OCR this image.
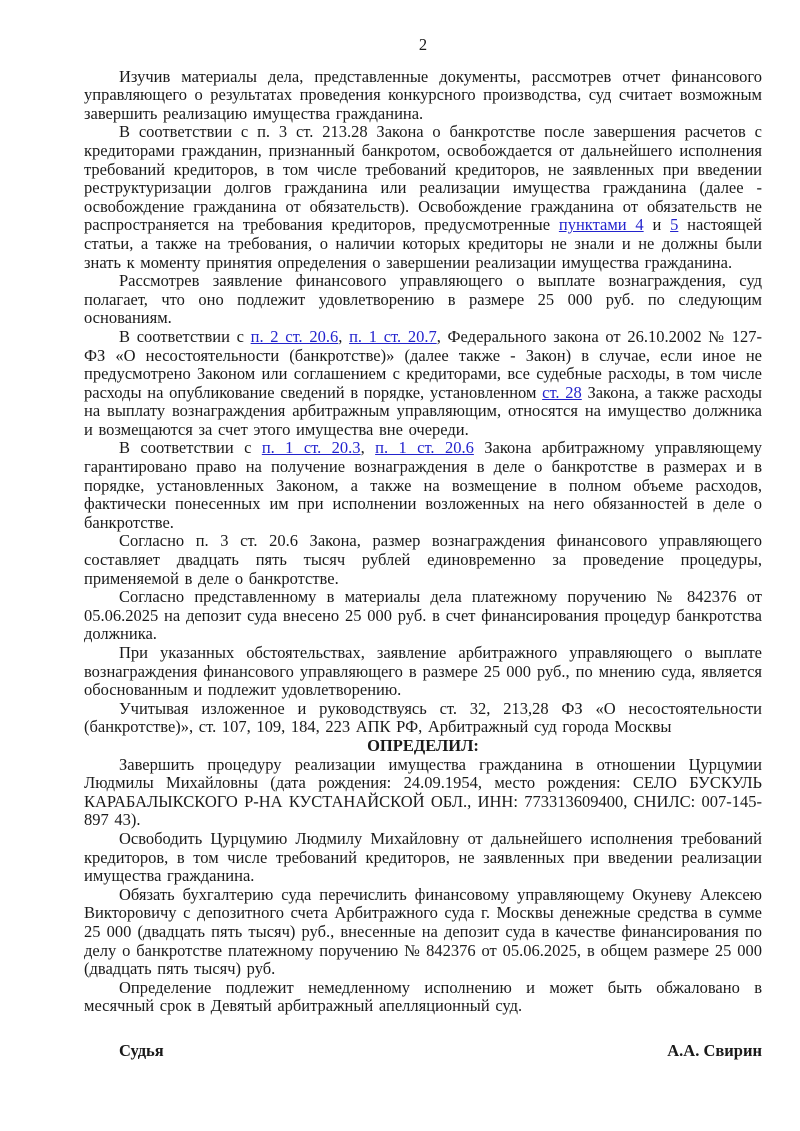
2

Изучив материалы дела, представленные документы, рассмотрев отчет финансового управляющего о результатах проведения конкурсного производства, суд считает возможным завершить реализацию имущества гражданина.

В соответствии с п. 3 ст. 213.28 Закона о банкротстве после завершения расчетов с кредиторами гражданин, признанный банкротом, освобождается от дальнейшего исполнения требований кредиторов, в том числе требований кредиторов, не заявленных при введении реструктуризации долгов гражданина или реализации имущества гражданина (далее - освобождение гражданина от обязательств). Освобождение гражданина от обязательств не распространяется на требования кредиторов, предусмотренные пунктами 4 и 5 настоящей статьи, а также на требования, о наличии которых кредиторы не знали и не должны были знать к моменту принятия определения о завершении реализации имущества гражданина.

Рассмотрев заявление финансового управляющего о выплате вознаграждения, суд полагает, что оно подлежит удовлетворению в размере 25 000 руб. по следующим основаниям.

В соответствии с п. 2 ст. 20.6, п. 1 ст. 20.7, Федерального закона от 26.10.2002 № 127-ФЗ «О несостоятельности (банкротстве)» (далее также - Закон) в случае, если иное не предусмотрено Законом или соглашением с кредиторами, все судебные расходы, в том числе расходы на опубликование сведений в порядке, установленном ст. 28 Закона, а также расходы на выплату вознаграждения арбитражным управляющим, относятся на имущество должника и возмещаются за счет этого имущества вне очереди.

В соответствии с п. 1 ст. 20.3, п. 1 ст. 20.6 Закона арбитражному управляющему гарантировано право на получение вознаграждения в деле о банкротстве в размерах и в порядке, установленных Законом, а также на возмещение в полном объеме расходов, фактически понесенных им при исполнении возложенных на него обязанностей в деле о банкротстве.

Согласно п. 3 ст. 20.6 Закона, размер вознаграждения финансового управляющего составляет двадцать пять тысяч рублей единовременно за проведение процедуры, применяемой в деле о банкротстве.

Согласно представленному в материалы дела платежному поручению № 842376 от 05.06.2025 на депозит суда внесено 25 000 руб. в счет финансирования процедур банкротства должника.

При указанных обстоятельствах, заявление арбитражного управляющего о выплате вознаграждения финансового управляющего в размере 25 000 руб., по мнению суда, является обоснованным и подлежит удовлетворению.

Учитывая изложенное и руководствуясь ст. 32, 213,28 ФЗ «О несостоятельности (банкротстве)», ст. 107, 109, 184, 223 АПК РФ, Арбитражный суд города Москвы

ОПРЕДЕЛИЛ:

Завершить процедуру реализации имущества гражданина в отношении Цурцумии Людмилы Михайловны (дата рождения: 24.09.1954, место рождения: СЕЛО БУСКУЛЬ КАРАБАЛЫКСКОГО Р-НА КУСТАНАЙСКОЙ ОБЛ., ИНН: 773313609400, СНИЛС: 007-145-897 43).

Освободить Цурцумию Людмилу Михайловну от дальнейшего исполнения требований кредиторов, в том числе требований кредиторов, не заявленных при введении реализации имущества гражданина.

Обязать бухгалтерию суда перечислить финансовому управляющему Окуневу Алексею Викторовичу с депозитного счета Арбитражного суда г. Москвы денежные средства в сумме 25 000 (двадцать пять тысяч) руб., внесенные на депозит суда в качестве финансирования по делу о банкротстве платежному поручению № 842376 от 05.06.2025, в общем размере 25 000 (двадцать пять тысяч) руб.

Определение подлежит немедленному исполнению и может быть обжаловано в месячный срок в Девятый арбитражный апелляционный суд.

Судья	А.А. Свирин
